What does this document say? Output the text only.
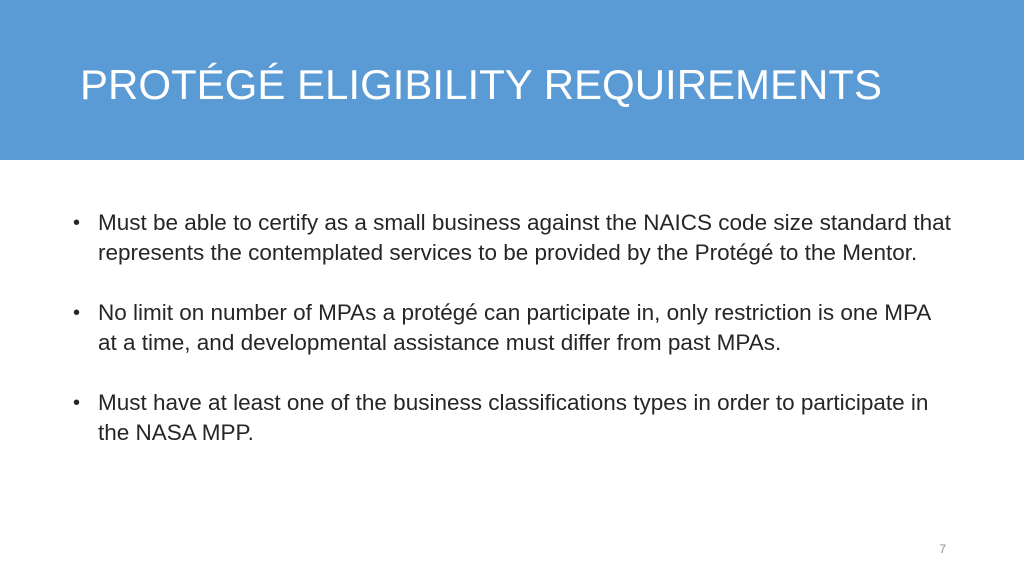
PROTÉGÉ ELIGIBILITY REQUIREMENTS
• Must be able to certify as a small business against the NAICS code size standard that represents the contemplated services to be provided by the Protégé to the Mentor.
• No limit on number of MPAs a protégé can participate in, only restriction is one MPA at a time, and developmental assistance must differ from past MPAs.
• Must have at least one of the business classifications types in order to participate in the NASA MPP.
7
